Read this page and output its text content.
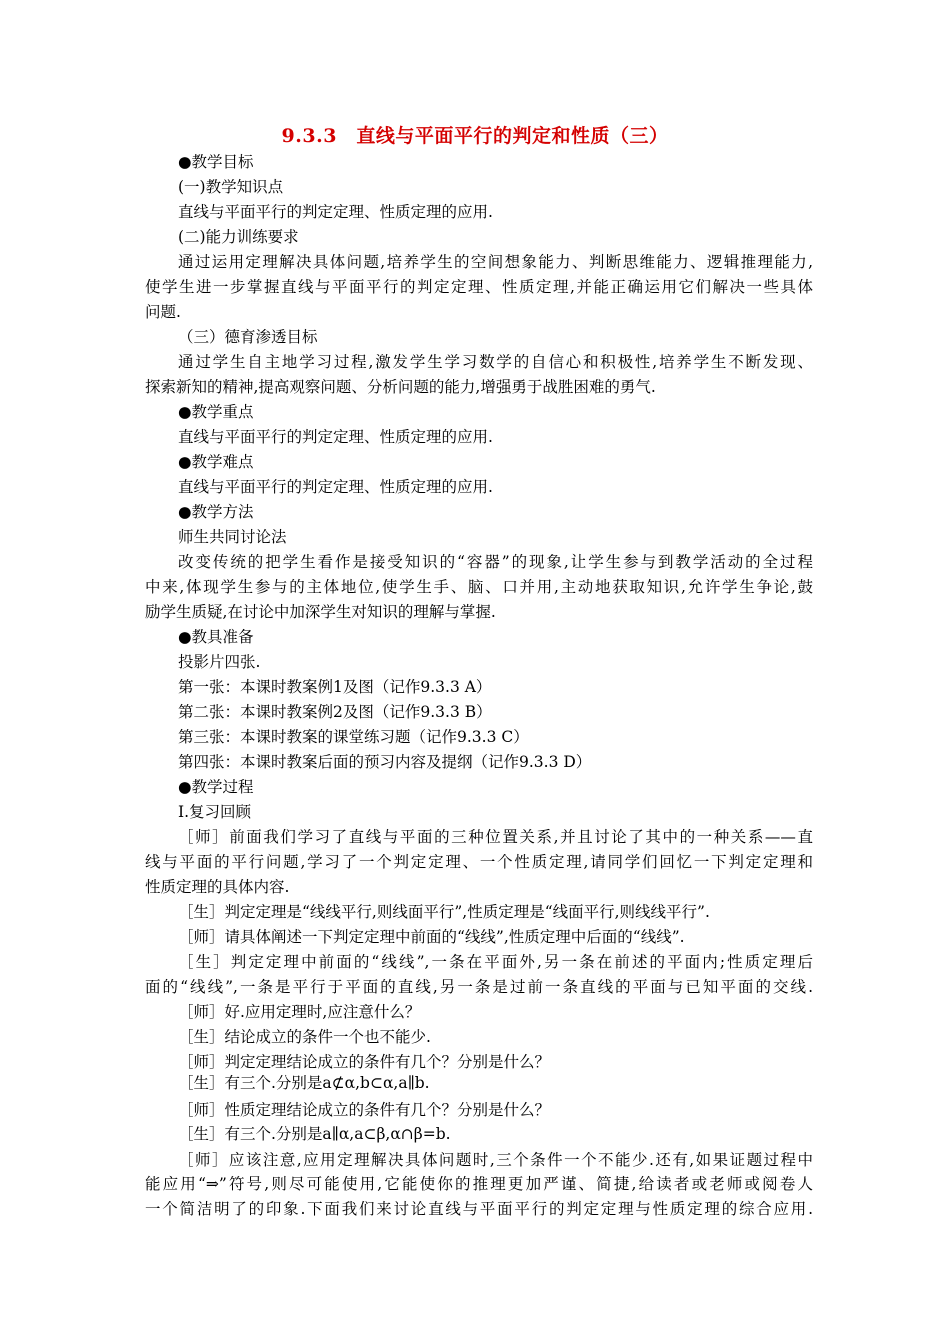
9.3.3　直线与平面平行的判定和性质（三）
●教学目标
(一)教学知识点
直线与平面平行的判定定理、性质定理的应用.
(二)能力训练要求
通过运用定理解决具体问题,培养学生的空间想象能力、判断思维能力、逻辑推理能力,
使学生进一步掌握直线与平面平行的判定定理、性质定理,并能正确运用它们解决一些具体
问题.
（三）德育渗透目标
通过学生自主地学习过程,激发学生学习数学的自信心和积极性,培养学生不断发现、
探索新知的精神,提高观察问题、分析问题的能力,增强勇于战胜困难的勇气.
●教学重点
直线与平面平行的判定定理、性质定理的应用.
●教学难点
直线与平面平行的判定定理、性质定理的应用.
●教学方法
师生共同讨论法
改变传统的把学生看作是接受知识的“容器”的现象,让学生参与到教学活动的全过程
中来,体现学生参与的主体地位,使学生手、脑、口并用,主动地获取知识,允许学生争论,鼓
励学生质疑,在讨论中加深学生对知识的理解与掌握.
●教具准备
投影片四张.
第一张：本课时教案例1及图（记作9.3.3 A）
第二张：本课时教案例2及图（记作9.3.3 B）
第三张：本课时教案的课堂练习题（记作9.3.3 C）
第四张：本课时教案后面的预习内容及提纲（记作9.3.3 D）
●教学过程
Ⅰ.复习回顾
［师］前面我们学习了直线与平面的三种位置关系,并且讨论了其中的一种关系——直
线与平面的平行问题,学习了一个判定定理、一个性质定理,请同学们回忆一下判定定理和
性质定理的具体内容.
［生］判定定理是“线线平行,则线面平行”,性质定理是“线面平行,则线线平行”.
［师］请具体阐述一下判定定理中前面的“线线”,性质定理中后面的“线线”.
［生］判定定理中前面的“线线”,一条在平面外,另一条在前述的平面内;性质定理后
面的“线线”,一条是平行于平面的直线,另一条是过前一条直线的平面与已知平面的交线.
［师］好.应用定理时,应注意什么？
［生］结论成立的条件一个也不能少.
［师］判定定理结论成立的条件有几个？分别是什么？
［生］有三个.分别是a⊄α,b⊂α,a∥b.
［师］性质定理结论成立的条件有几个？分别是什么？
［生］有三个.分别是a∥α,a⊂β,α∩β=b.
［师］应该注意,应用定理解决具体问题时,三个条件一个不能少.还有,如果证题过程中
能应用“⇒”符号,则尽可能使用,它能使你的推理更加严谨、简捷,给读者或老师或阅卷人
一个简洁明了的印象.下面我们来讨论直线与平面平行的判定定理与性质定理的综合应用.
